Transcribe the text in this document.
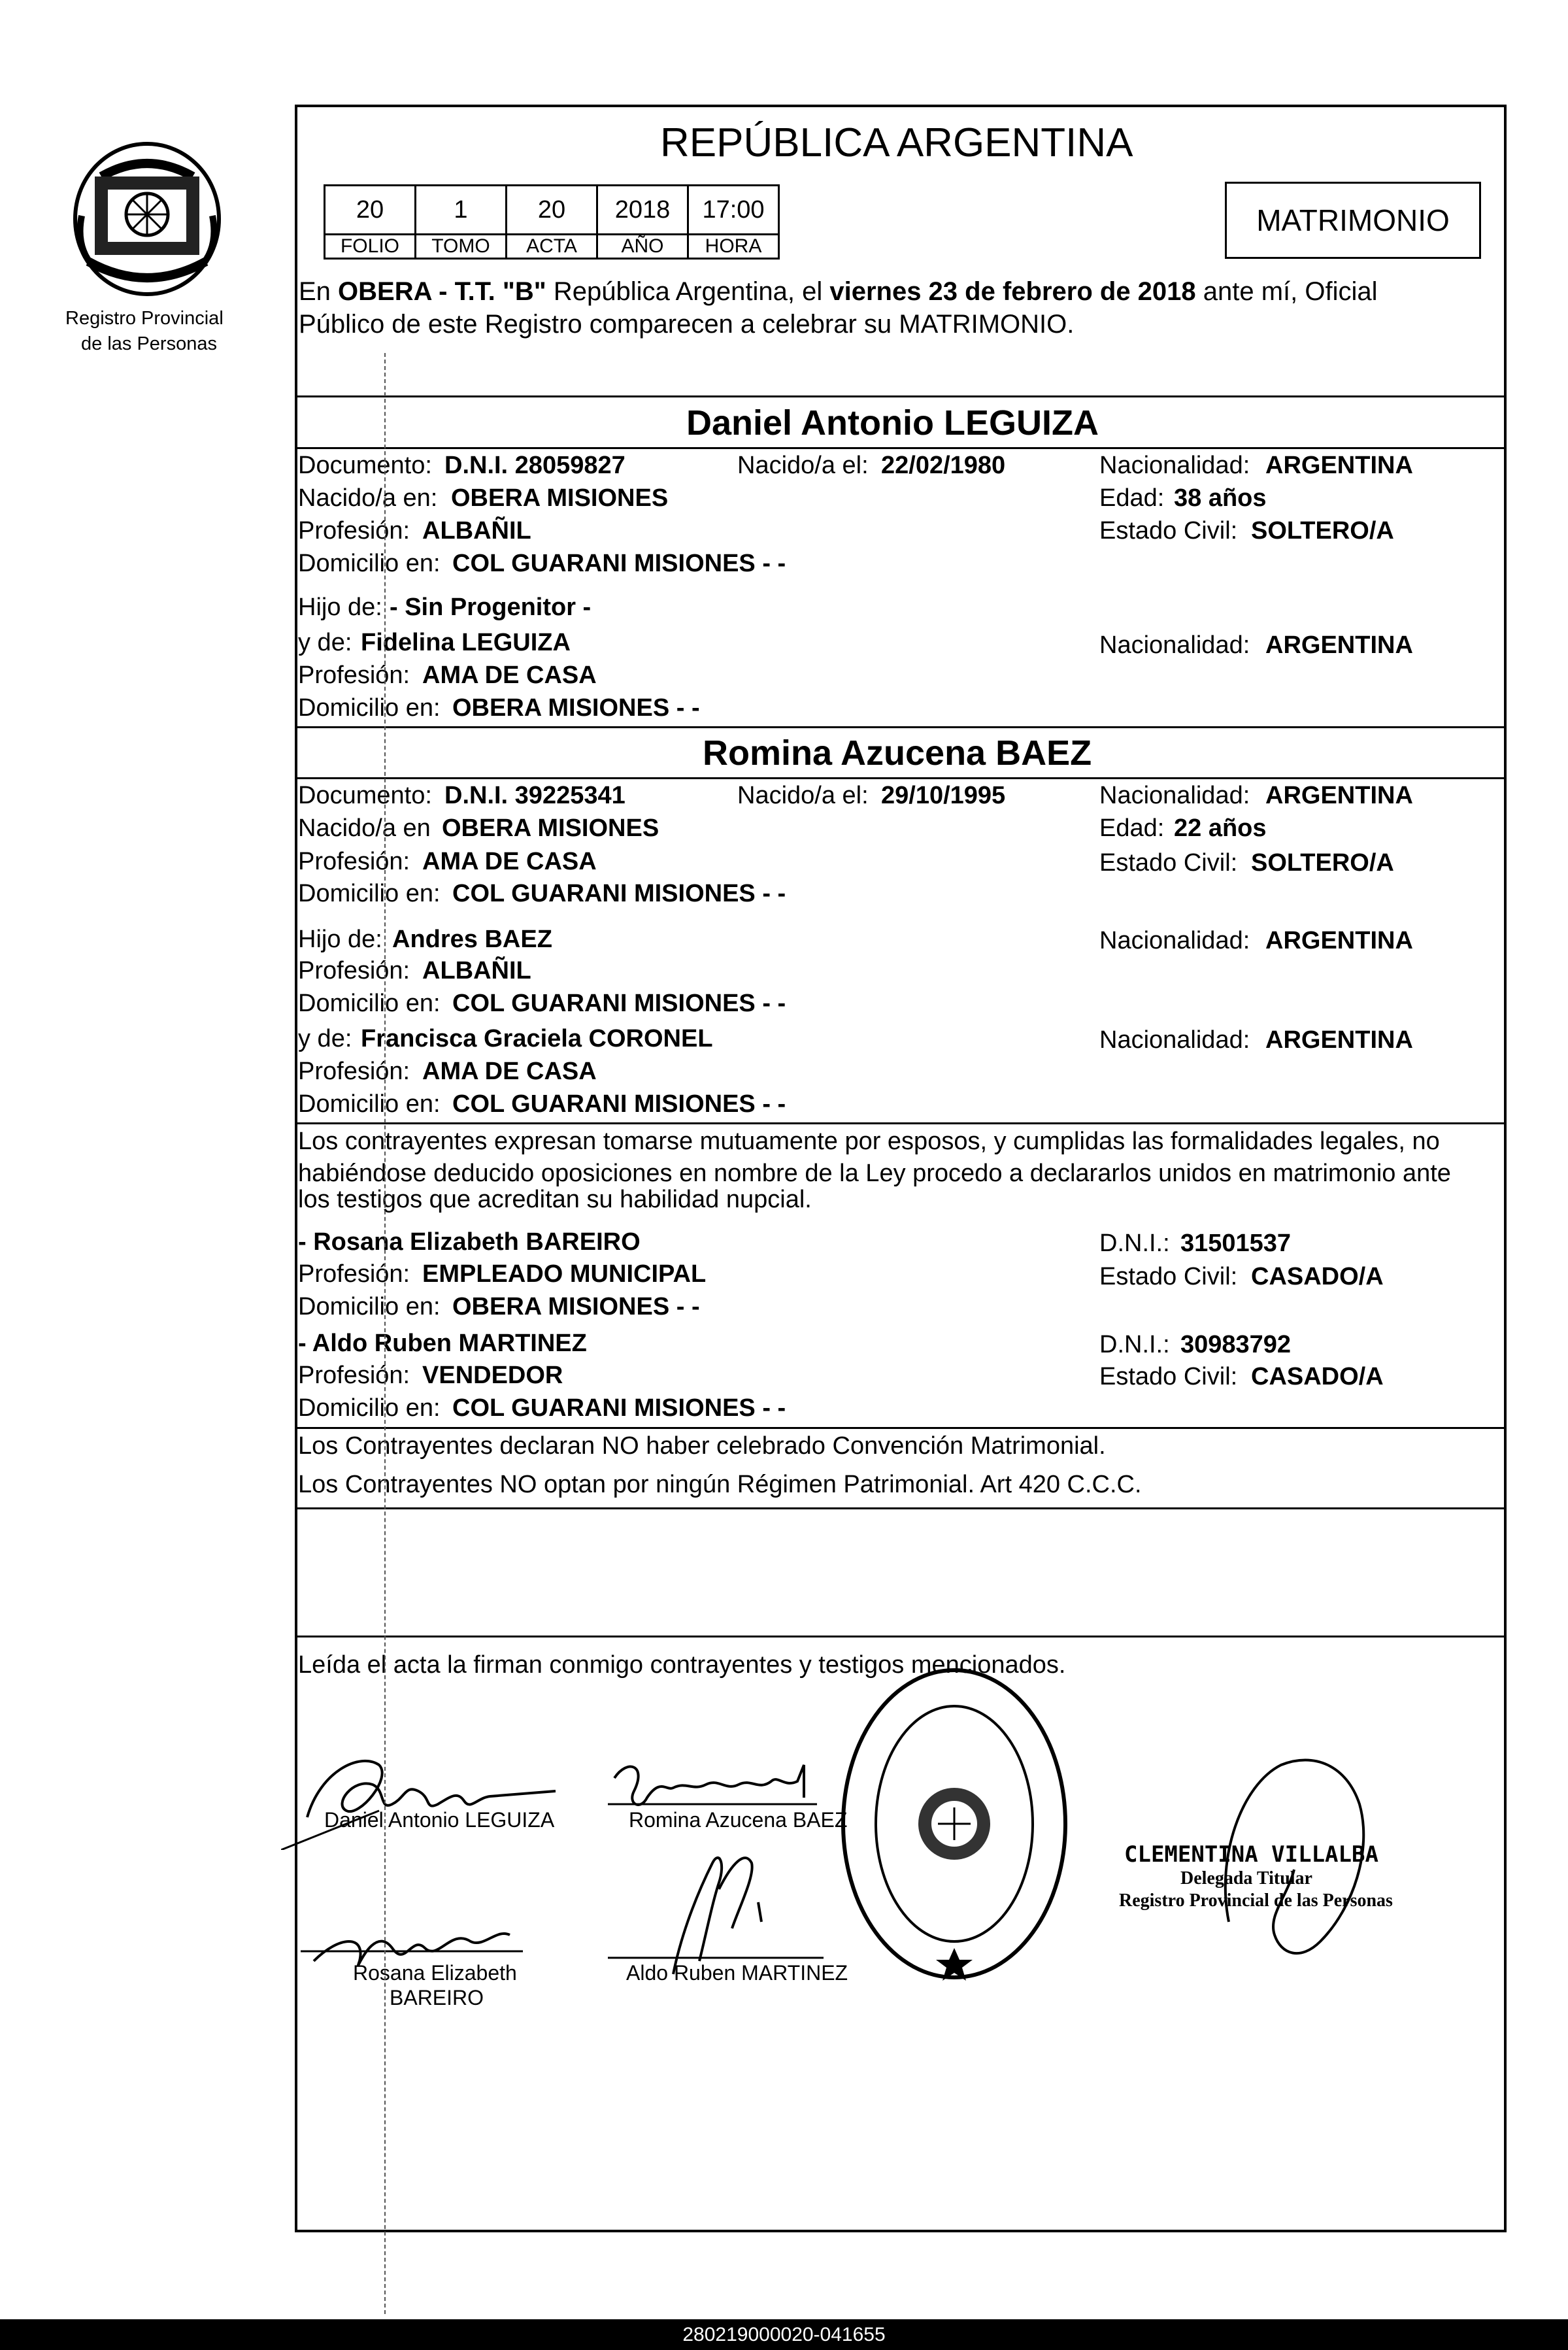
Registro Provincial
de las Personas
REPÚBLICA ARGENTINA
20	1	20	2018	17:00
FOLIO	TOMO	ACTA	AÑO	HORA
MATRIMONIO
En OBERA - T.T. "B" República Argentina, el viernes 23 de febrero de 2018 ante mí, Oficial
Público de este Registro comparecen a celebrar su MATRIMONIO.
Daniel Antonio LEGUIZA
Documento: D.N.I. 28059827	Nacido/a el: 22/02/1980	Nacionalidad: ARGENTINA
Nacido/a en: OBERA MISIONES	Edad: 38 años
Profesión: ALBAÑIL	Estado Civil: SOLTERO/A
Domicilio en: COL GUARANI MISIONES - -
Hijo de: - Sin Progenitor -
y de: Fidelina LEGUIZA	Nacionalidad: ARGENTINA
Profesión: AMA DE CASA
Domicilio en: OBERA MISIONES - -
Romina Azucena BAEZ
Documento: D.N.I. 39225341	Nacido/a el: 29/10/1995	Nacionalidad: ARGENTINA
Nacido/a en OBERA MISIONES	Edad: 22 años
Profesión: AMA DE CASA	Estado Civil: SOLTERO/A
Domicilio en: COL GUARANI MISIONES - -
Hijo de: Andres BAEZ	Nacionalidad: ARGENTINA
Profesión: ALBAÑIL
Domicilio en: COL GUARANI MISIONES - -
y de: Francisca Graciela CORONEL	Nacionalidad: ARGENTINA
Profesión: AMA DE CASA
Domicilio en: COL GUARANI MISIONES - -
Los contrayentes expresan tomarse mutuamente por esposos, y cumplidas las formalidades legales, no
habiéndose deducido oposiciones en nombre de la Ley procedo a declararlos unidos en matrimonio ante
los testigos que acreditan su habilidad nupcial.
- Rosana Elizabeth BAREIRO	D.N.I.: 31501537
Profesión: EMPLEADO MUNICIPAL	Estado Civil: CASADO/A
Domicilio en: OBERA MISIONES - -
- Aldo Ruben MARTINEZ	D.N.I.: 30983792
Profesión: VENDEDOR	Estado Civil: CASADO/A
Domicilio en: COL GUARANI MISIONES - -
Los Contrayentes declaran NO haber celebrado Convención Matrimonial.
Los Contrayentes NO optan por ningún Régimen Patrimonial. Art 420 C.C.C.
Leída el acta la firman conmigo contrayentes y testigos mencionados.
Daniel Antonio LEGUIZA	Romina Azucena BAEZ
Rosana Elizabeth
BAREIRO
Aldo Ruben MARTINEZ
CLEMENTINA VILLALBA
Delegada Titular
Registro Provincial de las Personas
280219000020-041655
